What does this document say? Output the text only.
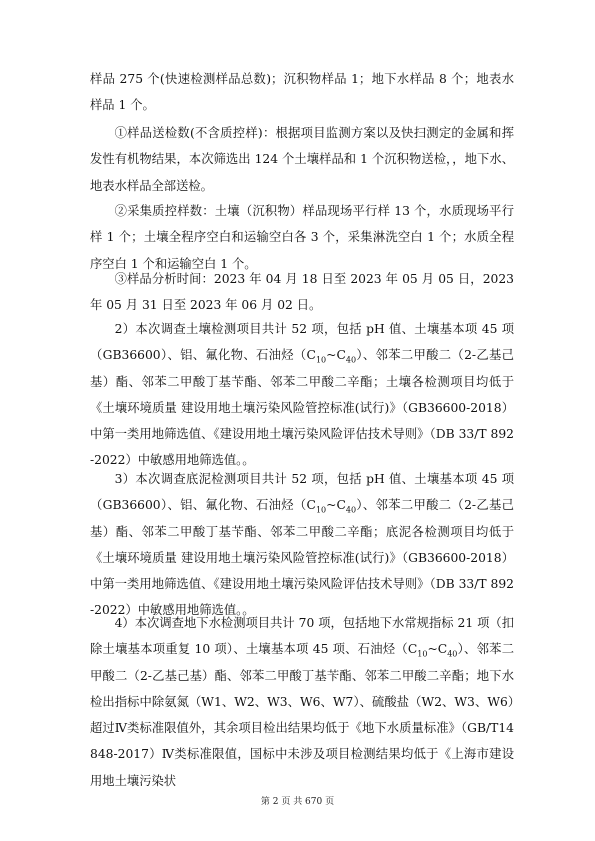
样品 275 个(快速检测样品总数)；沉积物样品 1；地下水样品 8 个；地表水样品 1 个。

①样品送检数(不含质控样)：根据项目监测方案以及快扫测定的金属和挥发性有机物结果，本次筛选出 124 个土壤样品和 1 个沉积物送检，，地下水、地表水样品全部送检。

②采集质控样数：土壤（沉积物）样品现场平行样 13 个，水质现场平行样 1 个；土壤全程序空白和运输空白各 3 个，采集淋洗空白 1 个；水质全程序空白 1 个和运输空白 1 个。

③样品分析时间：2023 年 04 月 18 日至 2023 年 05 月 05 日，2023 年 05 月 31 日至 2023 年 06 月 02 日。

2）本次调查土壤检测项目共计 52 项，包括 pH 值、土壤基本项 45 项（GB36600）、铝、氟化物、石油烃$(C_{10}\sim C_{40})$、邻苯二甲酸二（2-乙基己基）酯、邻苯二甲酸丁基苄酯、邻苯二甲酸二辛酯；土壤各检测项目均低于《土壤环境质量 建设用地土壤污染风险管控标准(试行)》（GB36600-2018）中第一类用地筛选值、《建设用地土壤污染风险评估技术导则》（DB 33/T 892-2022）中敏感用地筛选值。。

3）本次调查底泥检测项目共计 52 项，包括 pH 值、土壤基本项 45 项（GB36600）、铝、氟化物、石油烃$(C_{10}\sim C_{40})$、邻苯二甲酸二（2-乙基己基）酯、邻苯二甲酸丁基苄酯、邻苯二甲酸二辛酯；底泥各检测项目均低于《土壤环境质量 建设用地土壤污染风险管控标准(试行)》（GB36600-2018）中第一类用地筛选值、《建设用地土壤污染风险评估技术导则》（DB 33/T 892-2022）中敏感用地筛选值。。

4）本次调查地下水检测项目共计 70 项，包括地下水常规指标 21 项（扣除土壤基本项重复 10 项）、土壤基本项 45 项、石油烃$(C_{10}\sim C_{40})$、邻苯二甲酸二（2-乙基己基）酯、邻苯二甲酸丁基苄酯、邻苯二甲酸二辛酯；地下水检出指标中除氨氮（W1、W2、W3、W6、W7）、硫酸盐（W2、W3、W6）超过Ⅳ类标准限值外，其余项目检出结果均低于《地下水质量标准》（GB/T14848-2017）Ⅳ类标准限值，国标中未涉及项目检测结果均低于《上海市建设用地土壤污染状

第 2 页 共 670 页
